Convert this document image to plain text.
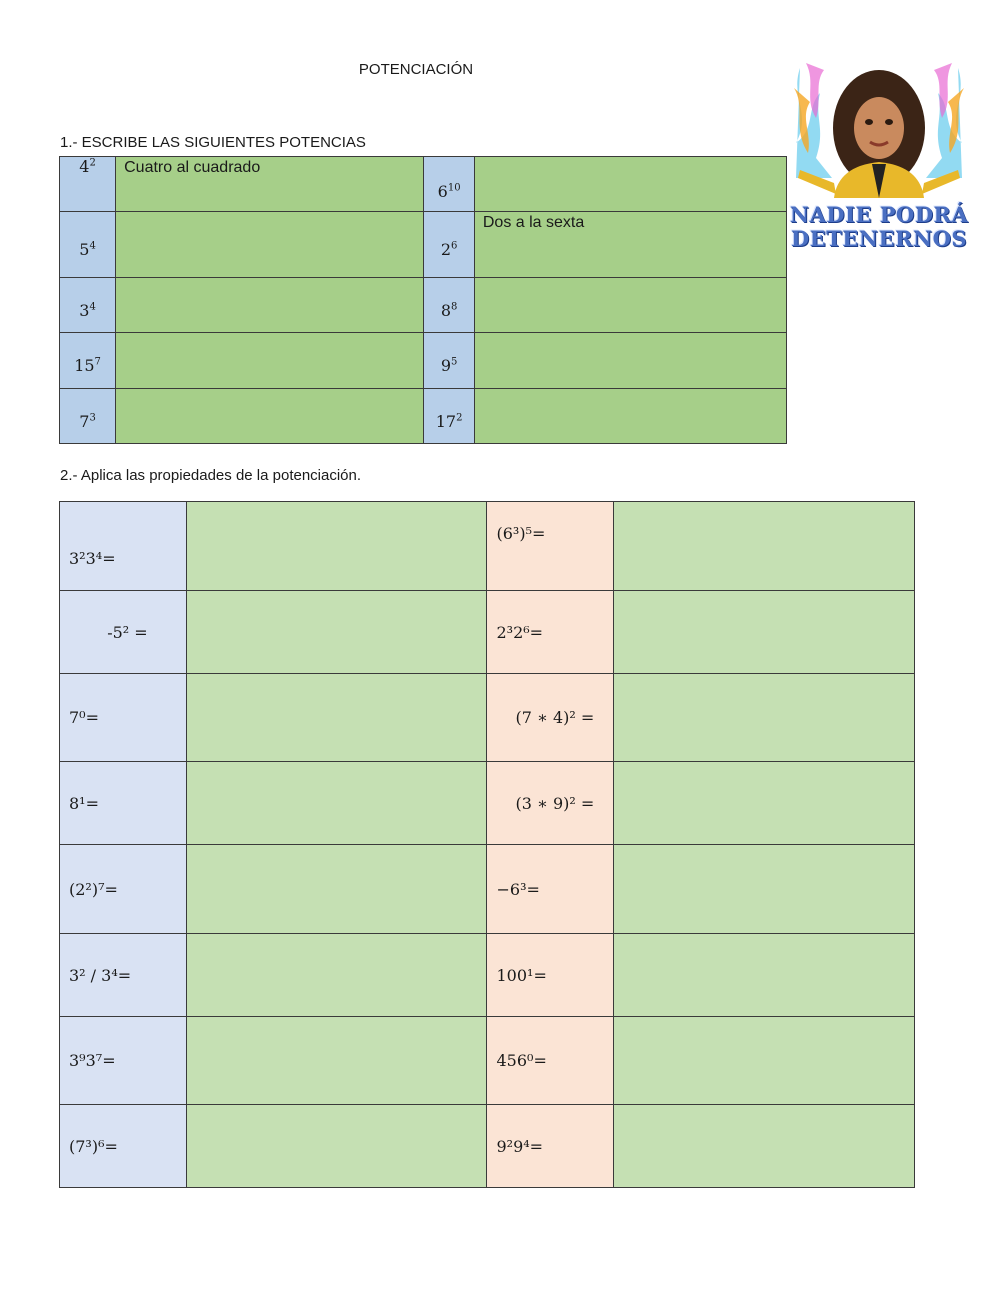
POTENCIACIÓN
1.- ESCRIBE LAS SIGUIENTES POTENCIAS
$4^2$	Cuatro al cuadrado	$6^{10}$	
$5^4$		$2^6$	Dos a la sexta
$3^4$		$8^8$	
$15^7$		$9^5$	
$7^3$		$17^2$	
NADIE PODRÁ
DETENERNOS
2.- Aplica las propiedades de la potenciación.
3²3⁴=		(6³)⁵=	
-5² =		2³2⁶=	
7⁰=		(7 ∗ 4)² =	
8¹=		(3 ∗ 9)² =	
(2²)⁷=		−6³=	
3² / 3⁴=		100¹=	
3⁹3⁷=		456⁰=	
(7³)⁶=		9²9⁴=	
